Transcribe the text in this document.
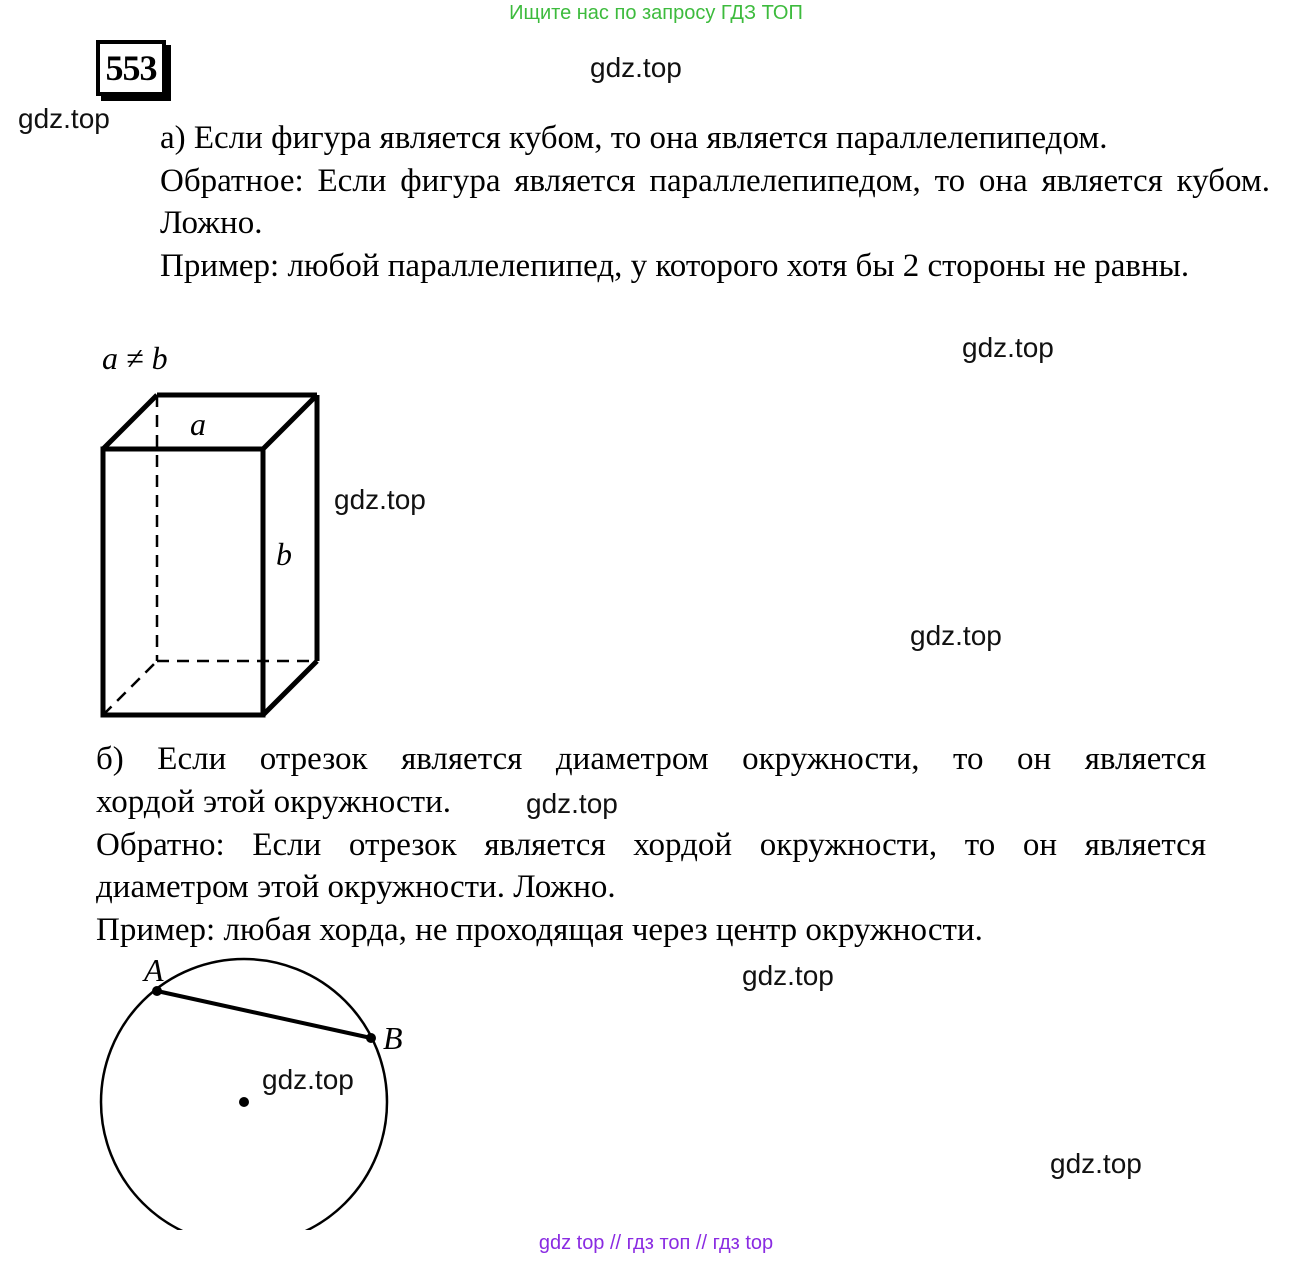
Ищите нас по запросу ГДЗ ТОП
553	gdz.top
gdz.top
gdz.top
gdz.top
gdz.top
gdz.top
gdz.top
gdz.top
а) Если фигура является кубом, то она является параллелепипедом.
Обратное: Если фигура является параллелепипедом, то она является кубом. Ложно.
Пример: любой параллелепипед, у которого хотя бы 2 стороны не равны.
a ≠ b
a
b
б) Если отрезок является диаметром окружности, то он является
хордой этой окружности.	gdz.top
Обратно: Если отрезок является хордой окружности, то он является диаметром этой окружности. Ложно.
Пример: любая хорда, не проходящая через центр окружности.
A
B
gdz top // гдз топ // гдз top
